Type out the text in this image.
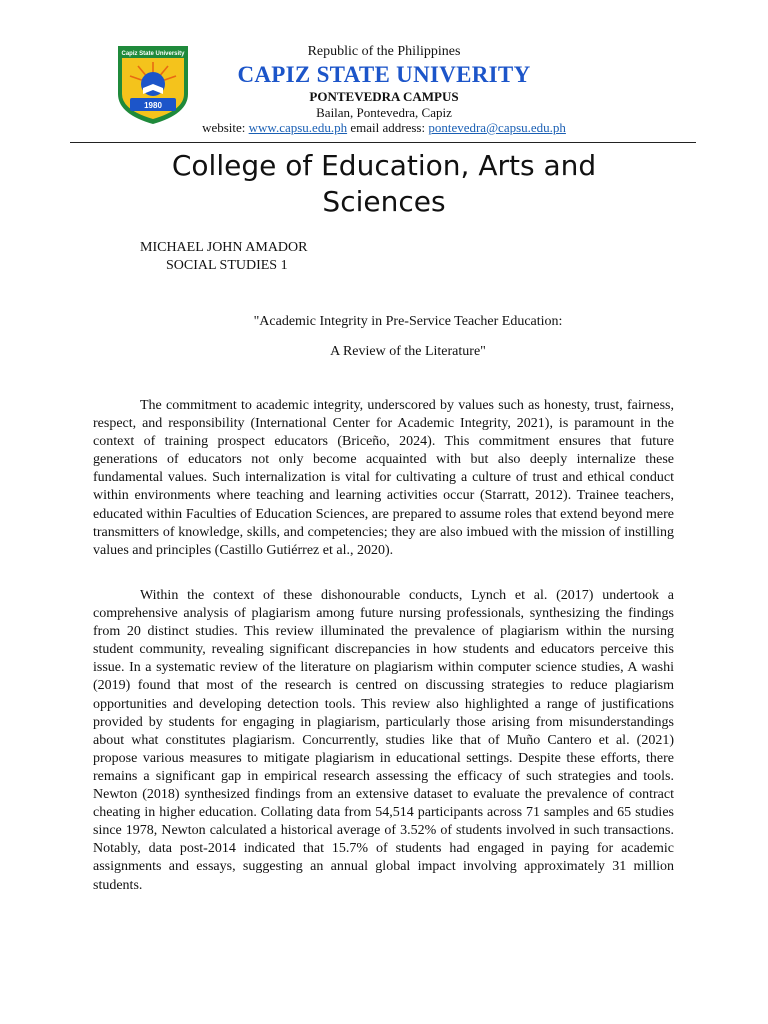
Capiz State University
1980
Republic of the Philippines
CAPIZ STATE UNIVERITY
PONTEVEDRA CAMPUS
Bailan, Pontevedra, Capiz
website: www.capsu.edu.ph email address: pontevedra@capsu.edu.ph
College of Education, Arts and Sciences
MICHAEL JOHN AMADOR
SOCIAL STUDIES 1
"Academic Integrity in Pre-Service Teacher Education:
A Review of the Literature"

The commitment to academic integrity, underscored by values such as honesty, trust, fairness, respect, and responsibility (International Center for Academic Integrity, 2021), is paramount in the context of training prospect educators (Briceño, 2024). This commitment ensures that future generations of educators not only become acquainted with but also deeply internalize these fundamental values. Such internalization is vital for cultivating a culture of trust and ethical conduct within environments where teaching and learning activities occur (Starratt, 2012). Trainee teachers, educated within Faculties of Education Sciences, are prepared to assume roles that extend beyond mere transmitters of knowledge, skills, and competencies; they are also imbued with the mission of instilling values and principles (Castillo Gutiérrez et al., 2020).

Within the context of these dishonourable conducts, Lynch et al. (2017) undertook a comprehensive analysis of plagiarism among future nursing professionals, synthesizing the findings from 20 distinct studies. This review illuminated the prevalence of plagiarism within the nursing student community, revealing significant discrepancies in how students and educators perceive this issue. In a systematic review of the literature on plagiarism within computer science studies, A washi (2019) found that most of the research is centred on discussing strategies to reduce plagiarism opportunities and developing detection tools. This review also highlighted a range of justifications provided by students for engaging in plagiarism, particularly those arising from misunderstandings about what constitutes plagiarism. Concurrently, studies like that of Muño Cantero et al. (2021) propose various measures to mitigate plagiarism in educational settings. Despite these efforts, there remains a significant gap in empirical research assessing the efficacy of such strategies and tools. Newton (2018) synthesized findings from an extensive dataset to evaluate the prevalence of contract cheating in higher education. Collating data from 54,514 participants across 71 samples and 65 studies since 1978, Newton calculated a historical average of 3.52% of students involved in such transactions. Notably, data post-2014 indicated that 15.7% of students had engaged in paying for academic assignments and essays, suggesting an annual global impact involving approximately 31 million students.
